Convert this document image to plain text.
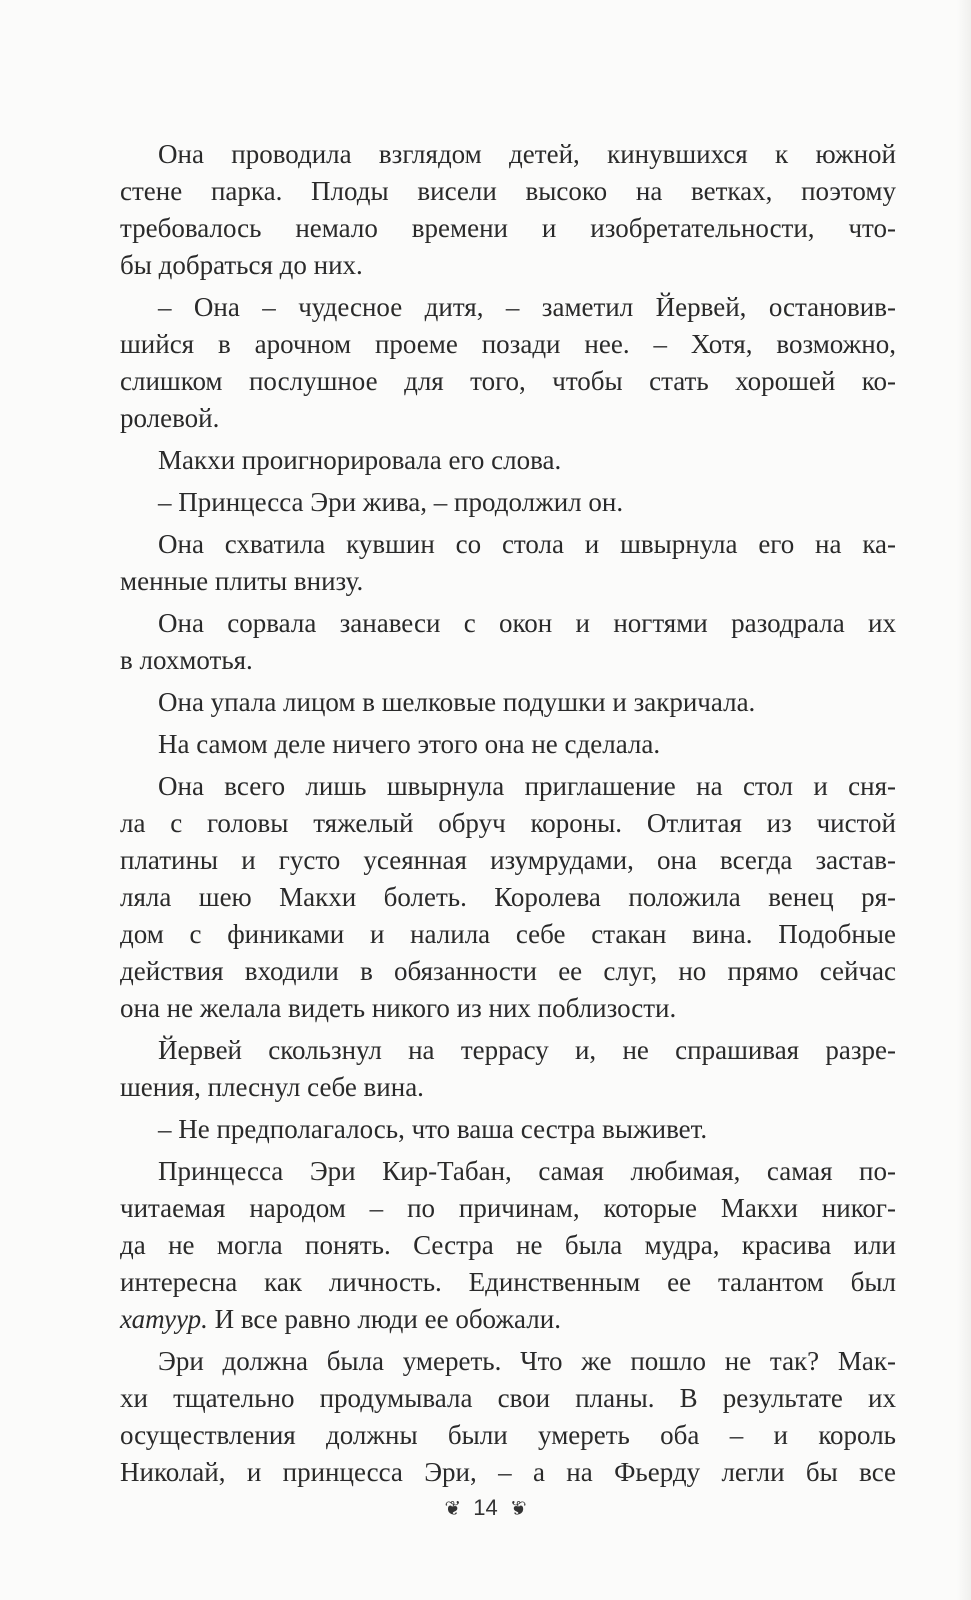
Она проводила взглядом детей, кинувшихся к южной
стене парка. Плоды висели высоко на ветках, поэтому
требовалось немало времени и изобретательности, что-
бы добраться до них.
– Она – чудесное дитя, – заметил Йервей, остановив-
шийся в арочном проеме позади нее. – Хотя, возможно,
слишком послушное для того, чтобы стать хорошей ко-
ролевой.
Макхи проигнорировала его слова.
– Принцесса Эри жива, – продолжил он.
Она схватила кувшин со стола и швырнула его на ка-
менные плиты внизу.
Она сорвала занавеси с окон и ногтями разодрала их
в лохмотья.
Она упала лицом в шелковые подушки и закричала.
На самом деле ничего этого она не сделала.
Она всего лишь швырнула приглашение на стол и сня-
ла с головы тяжелый обруч короны. Отлитая из чистой
платины и густо усеянная изумрудами, она всегда застав-
ляла шею Макхи болеть. Королева положила венец ря-
дом с финиками и налила себе стакан вина. Подобные
действия входили в обязанности ее слуг, но прямо сейчас
она не желала видеть никого из них поблизости.
Йервей скользнул на террасу и, не спрашивая разре-
шения, плеснул себе вина.
– Не предполагалось, что ваша сестра выживет.
Принцесса Эри Кир-Табан, самая любимая, самая по-
читаемая народом – по причинам, которые Макхи никог-
да не могла понять. Сестра не была мудра, красива или
интересна как личность. Единственным ее талантом был
хатуур. И все равно люди ее обожали.
Эри должна была умереть. Что же пошло не так? Мак-
хи тщательно продумывала свои планы. В результате их
осуществления должны были умереть оба – и король
Николай, и принцесса Эри, – а на Фьерду легли бы все
❦ 14 ❦
